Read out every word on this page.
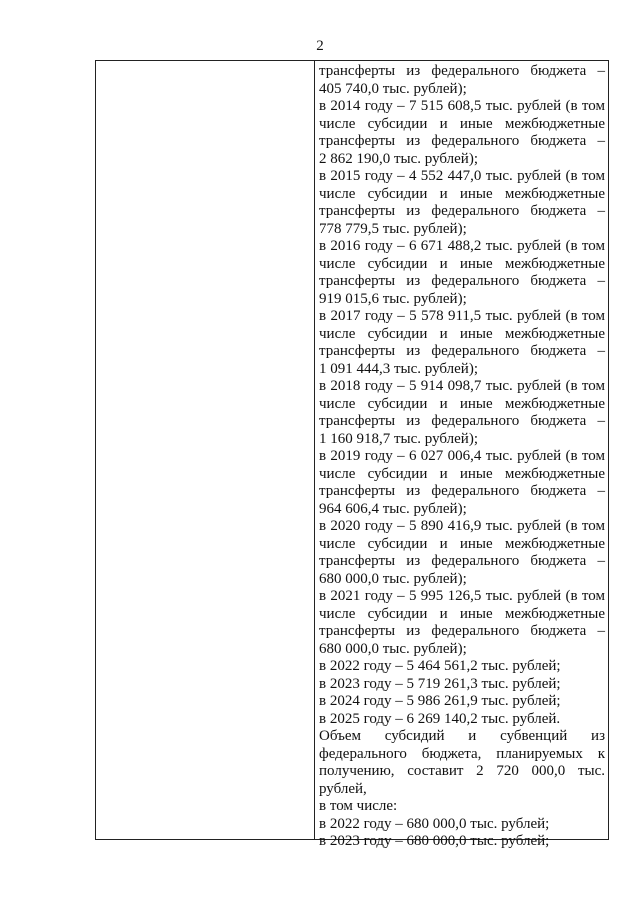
2
трансферты из федерального бюджета –
405 740,0 тыс. рублей);
в 2014 году – 7 515 608,5 тыс. рублей (в том
числе субсидии и иные межбюджетные
трансферты из федерального бюджета –
2 862 190,0 тыс. рублей);
в 2015 году – 4 552 447,0 тыс. рублей (в том
числе субсидии и иные межбюджетные
трансферты из федерального бюджета –
778 779,5 тыс. рублей);
в 2016 году – 6 671 488,2 тыс. рублей (в том
числе субсидии и иные межбюджетные
трансферты из федерального бюджета –
919 015,6 тыс. рублей);
в 2017 году – 5 578 911,5 тыс. рублей (в том
числе субсидии и иные межбюджетные
трансферты из федерального бюджета –
1 091 444,3 тыс. рублей);
в 2018 году – 5 914 098,7 тыс. рублей (в том
числе субсидии и иные межбюджетные
трансферты из федерального бюджета –
1 160 918,7 тыс. рублей);
в 2019 году – 6 027 006,4 тыс. рублей (в том
числе субсидии и иные межбюджетные
трансферты из федерального бюджета –
964 606,4 тыс. рублей);
в 2020 году – 5 890 416,9 тыс. рублей (в том
числе субсидии и иные межбюджетные
трансферты из федерального бюджета –
680 000,0 тыс. рублей);
в 2021 году – 5 995 126,5 тыс. рублей (в том
числе субсидии и иные межбюджетные
трансферты из федерального бюджета –
680 000,0 тыс. рублей);
в 2022 году – 5 464 561,2 тыс. рублей;
в 2023 году – 5 719 261,3 тыс. рублей;
в 2024 году – 5 986 261,9 тыс. рублей;
в 2025 году – 6 269 140,2 тыс. рублей.
Объем субсидий и субвенций из
федерального бюджета, планируемых к
получению, составит 2 720 000,0 тыс. рублей,
в том числе:
в 2022 году – 680 000,0 тыс. рублей;
в 2023 году – 680 000,0 тыс. рублей;
